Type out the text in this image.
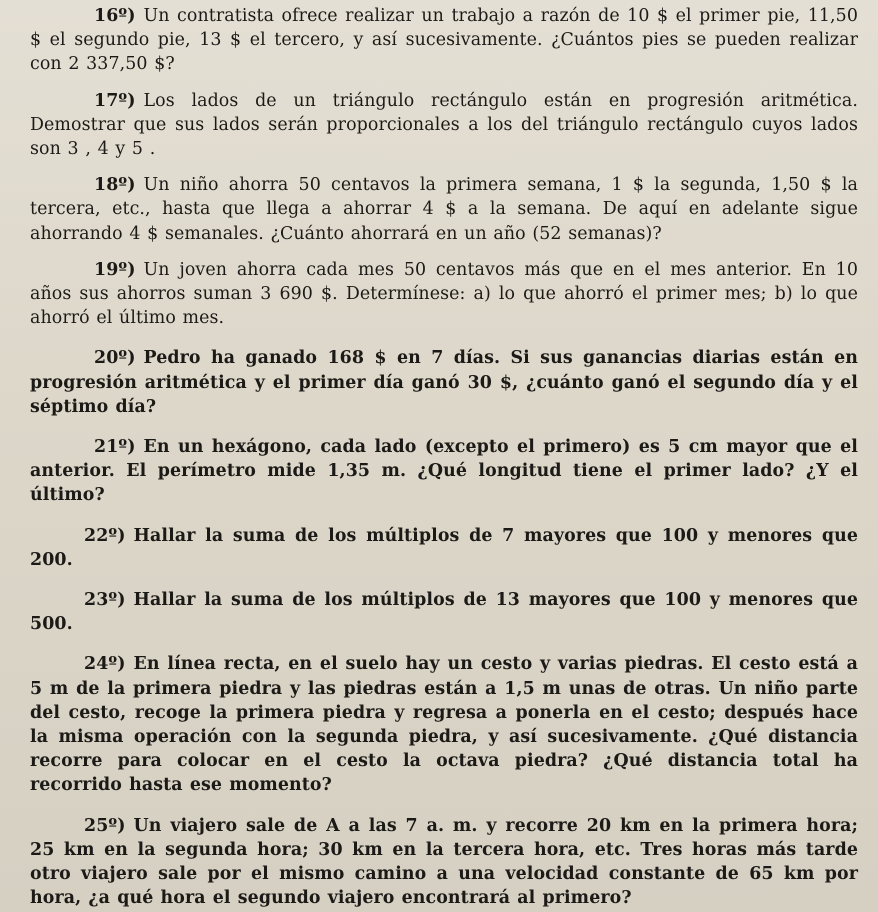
16º) Un contratista ofrece realizar un trabajo a razón de 10 $ el primer pie, 11,50 $ el segundo pie, 13 $ el tercero, y así sucesivamente. ¿Cuántos pies se pueden realizar con 2 337,50 $?

17º) Los lados de un triángulo rectángulo están en progresión aritmética. Demostrar que sus lados serán proporcionales a los del triángulo rectángulo cuyos lados son 3 , 4 y 5 .

18º) Un niño ahorra 50 centavos la primera semana, 1 $ la segunda, 1,50 $ la tercera, etc., hasta que llega a ahorrar 4 $ a la semana. De aquí en adelante sigue ahorrando 4 $ semanales. ¿Cuánto ahorrará en un año (52 semanas)?

19º) Un joven ahorra cada mes 50 centavos más que en el mes anterior. En 10 años sus ahorros suman 3 690 $. Determínese: a) lo que ahorró el primer mes; b) lo que ahorró el último mes.

20º) Pedro ha ganado 168 $ en 7 días. Si sus ganancias diarias están en progresión aritmética y el primer día ganó 30 $, ¿cuánto ganó el segundo día y el séptimo día?

21º) En un hexágono, cada lado (excepto el primero) es 5 cm mayor que el anterior. El perímetro mide 1,35 m. ¿Qué longitud tiene el primer lado? ¿Y el último?

22º) Hallar la suma de los múltiplos de 7 mayores que 100 y menores que 200.

23º) Hallar la suma de los múltiplos de 13 mayores que 100 y menores que 500.

24º) En línea recta, en el suelo hay un cesto y varias piedras. El cesto está a 5 m de la primera piedra y las piedras están a 1,5 m unas de otras. Un niño parte del cesto, recoge la primera piedra y regresa a ponerla en el cesto; después hace la misma operación con la segunda piedra, y así sucesivamente. ¿Qué distancia recorre para colocar en el cesto la octava piedra? ¿Qué distancia total ha recorrido hasta ese momento?

25º) Un viajero sale de A a las 7 a. m. y recorre 20 km en la primera hora; 25 km en la segunda hora; 30 km en la tercera hora, etc. Tres horas más tarde otro viajero sale por el mismo camino a una velocidad constante de 65 km por hora, ¿a qué hora el segundo viajero encontrará al primero?
